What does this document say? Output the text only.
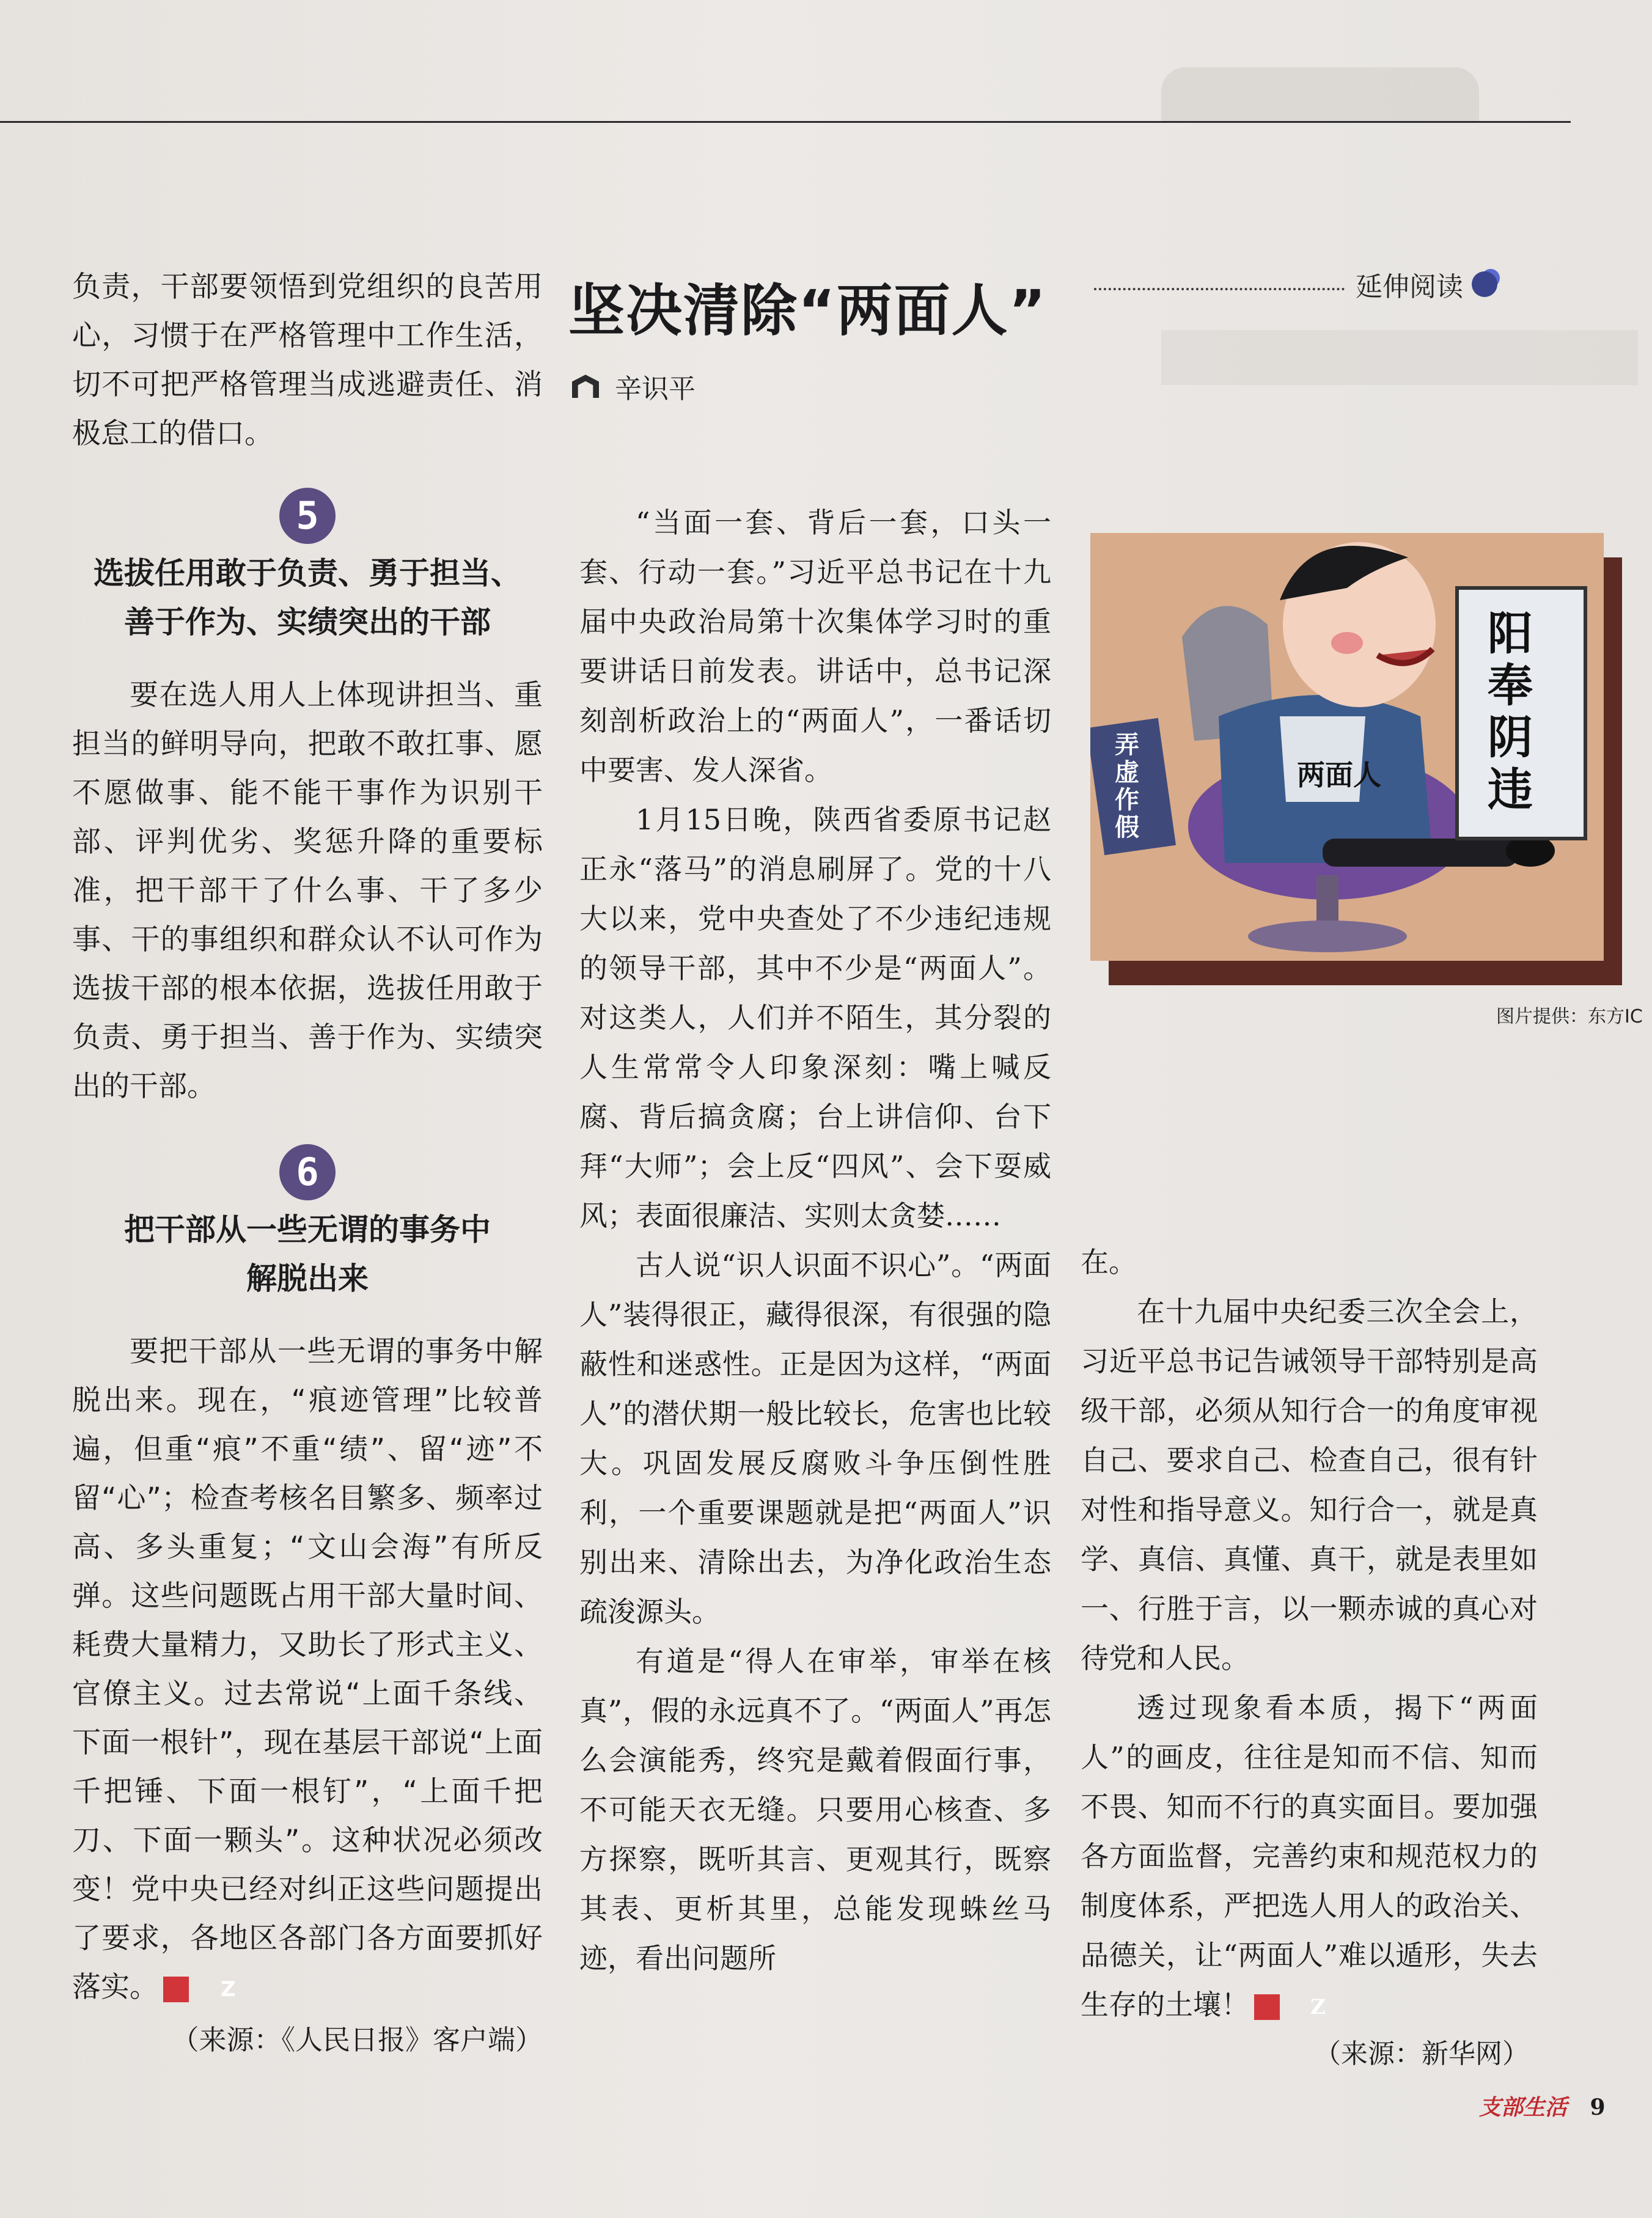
负责，干部要领悟到党组织的良苦用心，习惯于在严格管理中工作生活，切不可把严格管理当成逃避责任、消极怠工的借口。

5
选拔任用敢于负责、勇于担当、
善于作为、实绩突出的干部

要在选人用人上体现讲担当、重担当的鲜明导向，把敢不敢扛事、愿不愿做事、能不能干事作为识别干部、评判优劣、奖惩升降的重要标准，把干部干了什么事、干了多少事、干的事组织和群众认不认可作为选拔干部的根本依据，选拔任用敢于负责、勇于担当、善于作为、实绩突出的干部。

6
把干部从一些无谓的事务中
解脱出来

要把干部从一些无谓的事务中解脱出来。现在，“痕迹管理”比较普遍，但重“痕”不重“绩”、留“迹”不留“心”；检查考核名目繁多、频率过高、多头重复；“文山会海”有所反弹。这些问题既占用干部大量时间、耗费大量精力，又助长了形式主义、官僚主义。过去常说“上面千条线、下面一根针”，现在基层干部说“上面千把锤、下面一根钉”，“上面千把刀、下面一颗头”。这种状况必须改变！党中央已经对纠正这些问题提出了要求，各地区各部门各方面要抓好落实。	Z

（来源：《人民日报》客户端）
坚决清除“两面人”	延伸阅读
辛识平

“当面一套、背后一套，口头一套、行动一套。”习近平总书记在十九届中央政治局第十次集体学习时的重要讲话日前发表。讲话中，总书记深刻剖析政治上的“两面人”，一番话切中要害、发人深省。

1月15日晚，陕西省委原书记赵正永“落马”的消息刷屏了。党的十八大以来，党中央查处了不少违纪违规的领导干部，其中不少是“两面人”。对这类人，人们并不陌生，其分裂的人生常常令人印象深刻：嘴上喊反腐、背后搞贪腐；台上讲信仰、台下拜“大师”；会上反“四风”、会下耍威风；表面很廉洁、实则太贪婪……

古人说“识人识面不识心”。“两面人”装得很正，藏得很深，有很强的隐蔽性和迷惑性。正是因为这样，“两面人”的潜伏期一般比较长，危害也比较大。巩固发展反腐败斗争压倒性胜利，一个重要课题就是把“两面人”识别出来、清除出去，为净化政治生态疏浚源头。

有道是“得人在审举，审举在核真”，假的永远真不了。“两面人”再怎么会演能秀，终究是戴着假面行事，不可能天衣无缝。只要用心核查、多方探察，既听其言、更观其行，既察其表、更析其里，总能发现蛛丝马迹，看出问题所

两面人
阳
奉
阴
违
弄
虚
作
假
图片提供：东方IC

在。

在十九届中央纪委三次全会上，习近平总书记告诫领导干部特别是高级干部，必须从知行合一的角度审视自己、要求自己、检查自己，很有针对性和指导意义。知行合一，就是真学、真信、真懂、真干，就是表里如一、行胜于言，以一颗赤诚的真心对待党和人民。

透过现象看本质，揭下“两面人”的画皮，往往是知而不信、知而不畏、知而不行的真实面目。要加强各方面监督，完善约束和规范权力的制度体系，严把选人用人的政治关、品德关，让“两面人”难以遁形，失去生存的土壤！	Z

（来源：新华网）
支部生活 9
